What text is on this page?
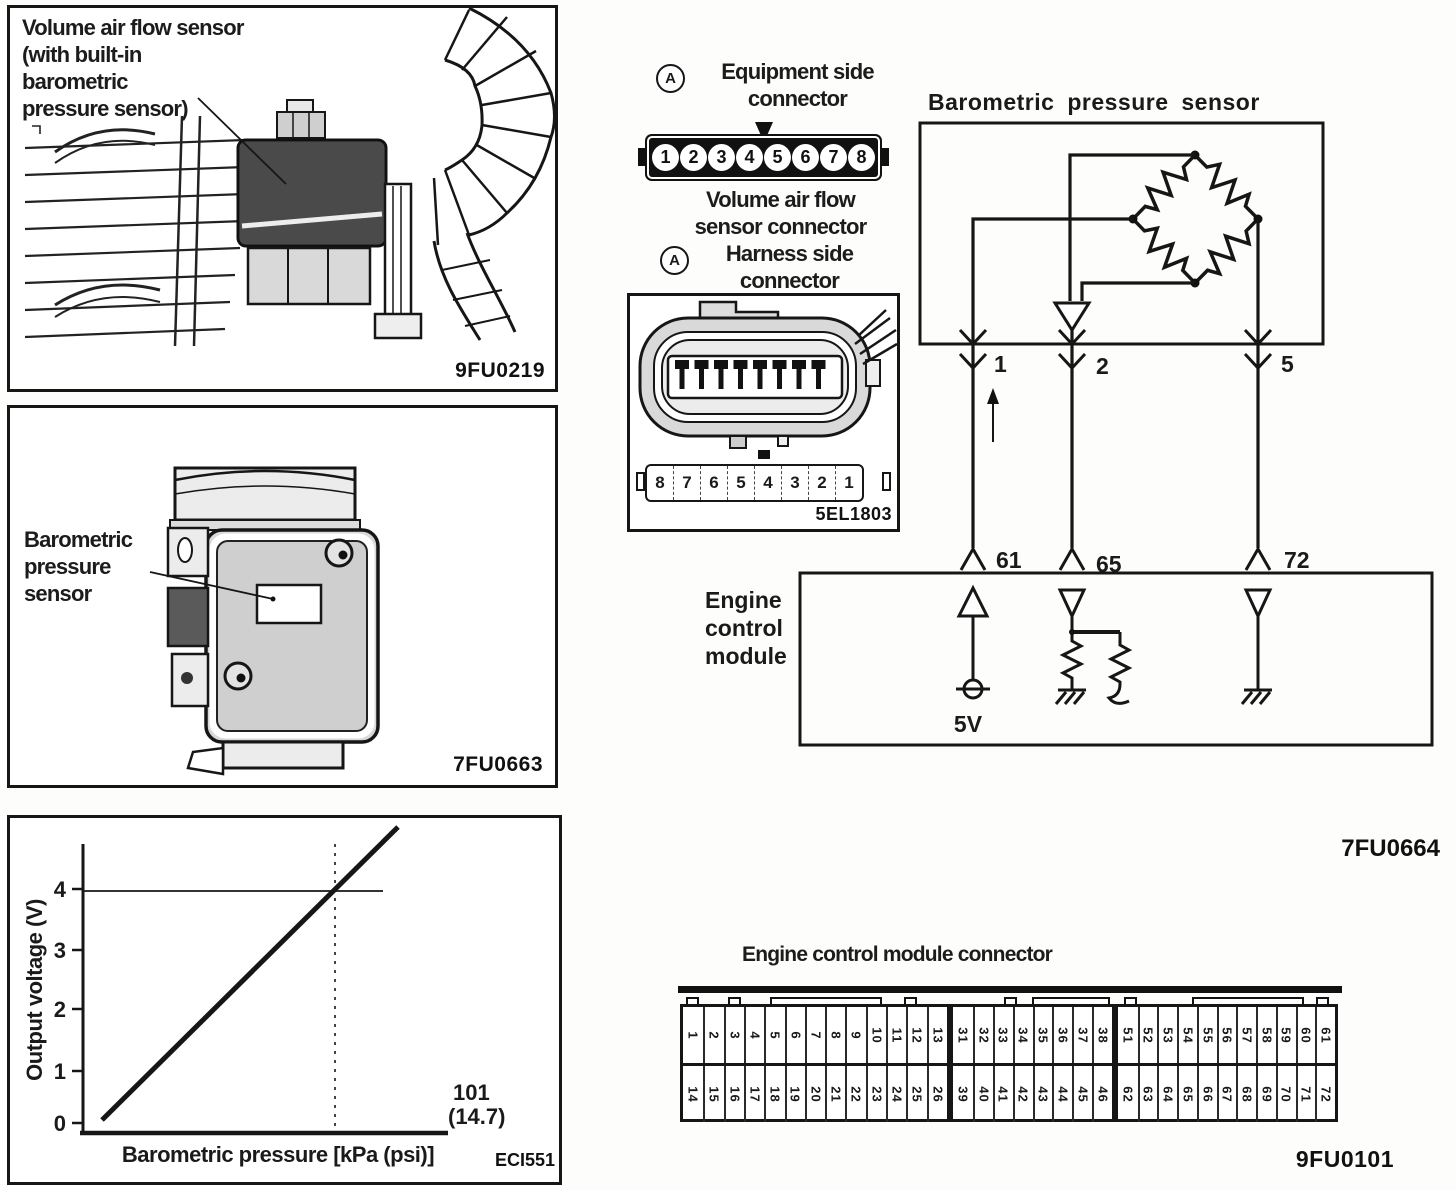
Volume air flow sensor
(with built-in
barometric
pressure sensor)
9FU0219
Barometric
pressure
sensor
7FU0663
4
3
2
1
0
101
(14.7)
Barometric pressure [kPa (psi)]
Output voltage (V)
ECI551
A	Equipment side
connector
1 2 3 4 5 6 7 8
Volume air flow
sensor connector
A	Harness side
connector
8	7	6	5	4	3	2	1
5EL1803
Barometric pressure sensor
1	2	5
61	65	72
Engine
control
module
5V
7FU0664
Engine control module connector
1 2 3 4 5 6 7 8 9 10 11 12 13
14 15 16 17 18 19 20 21 22 23 24 25 26
31 32 33 34 35 36 37 38
39 40 41 42 43 44 45 46
51 52 53 54 55 56 57 58 59 60 61
62 63 64 65 66 67 68 69 70 71 72
9FU0101
